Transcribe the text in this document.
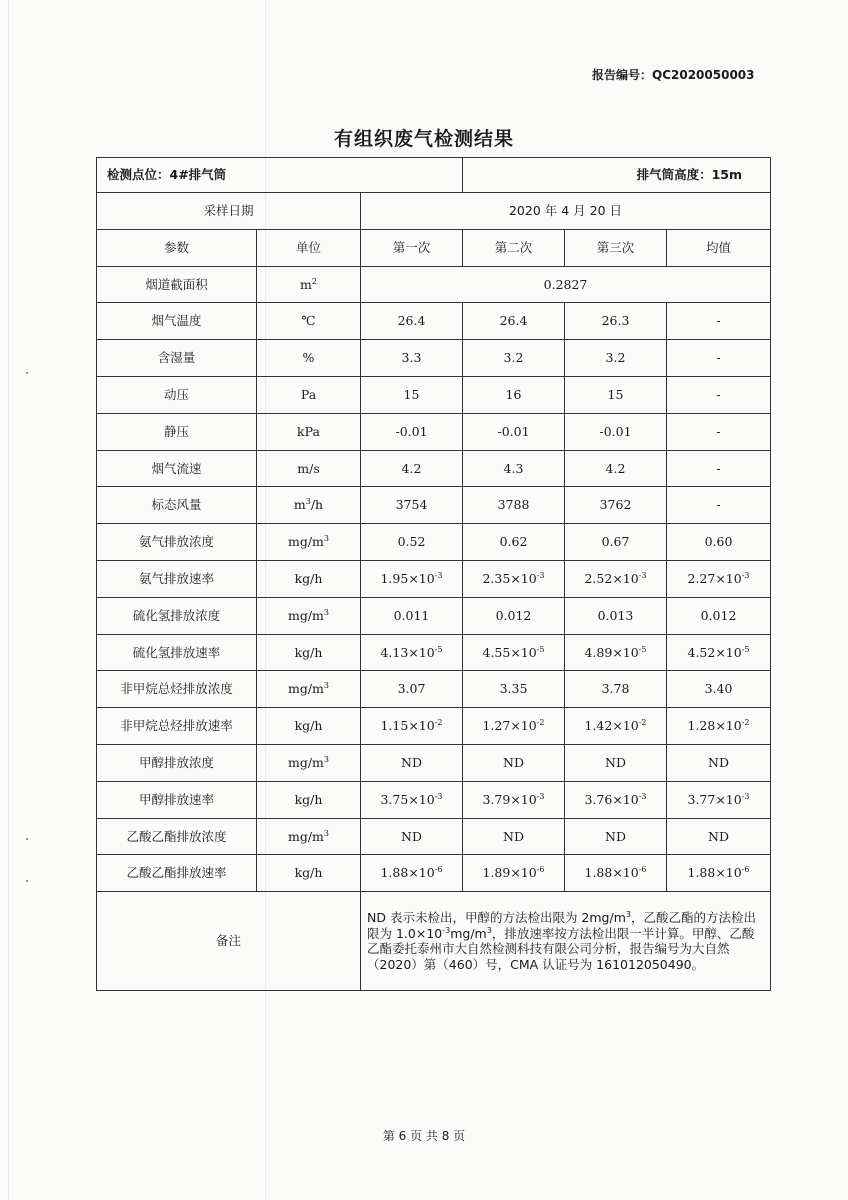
报告编号：QC2020050003
有组织废气检测结果
检测点位：4#排气筒			排气筒高度：15m		
采样日期		2020 年 4 月 20 日			
参数	单位	第一次	第二次	第三次	均值
烟道截面积	$m^2$	0.2827			
烟气温度	℃	26.4	26.4	26.3	-
含湿量	%	3.3	3.2	3.2	-
动压	Pa	15	16	15	-
静压	kPa	-0.01	-0.01	-0.01	-
烟气流速	m/s	4.2	4.3	4.2	-
标态风量	$m^3/h$	3754	3788	3762	-
氨气排放浓度	$mg/m^3$	0.52	0.62	0.67	0.60
氨气排放速率	kg/h	$1.95\times 10^{-3}$	$2.35\times 10^{-3}$	$2.52\times 10^{-3}$	$2.27\times 10^{-3}$
硫化氢排放浓度	$mg/m^3$	0.011	0.012	0.013	0.012
硫化氢排放速率	kg/h	$4.13\times 10^{-5}$	$4.55\times 10^{-5}$	$4.89\times 10^{-5}$	$4.52\times 10^{-5}$
非甲烷总烃排放浓度	$mg/m^3$	3.07	3.35	3.78	3.40
非甲烷总烃排放速率	kg/h	$1.15\times 10^{-2}$	$1.27\times 10^{-2}$	$1.42\times 10^{-2}$	$1.28\times 10^{-2}$
甲醇排放浓度	$mg/m^3$	ND	ND	ND	ND
甲醇排放速率	kg/h	$3.75\times 10^{-3}$	$3.79\times 10^{-3}$	$3.76\times 10^{-3}$	$3.77\times 10^{-3}$
乙酸乙酯排放浓度	$mg/m^3$	ND	ND	ND	ND
乙酸乙酯排放速率	kg/h	$1.88\times 10^{-6}$	$1.89\times 10^{-6}$	$1.88\times 10^{-6}$	$1.88\times 10^{-6}$
备注		ND 表示未检出，甲醇的方法检出限为 $2mg/m^3$，乙酸乙酯的方法检出限为 $1.0\times 10^{-3}mg/m^3$，排放速率按方法检出限一半计算。甲醇、乙酸乙酯委托泰州市大自然检测科技有限公司分析，报告编号为大自然（2020）第（460）号，CMA 认证号为 161012050490。			
第 6 页 共 8 页
